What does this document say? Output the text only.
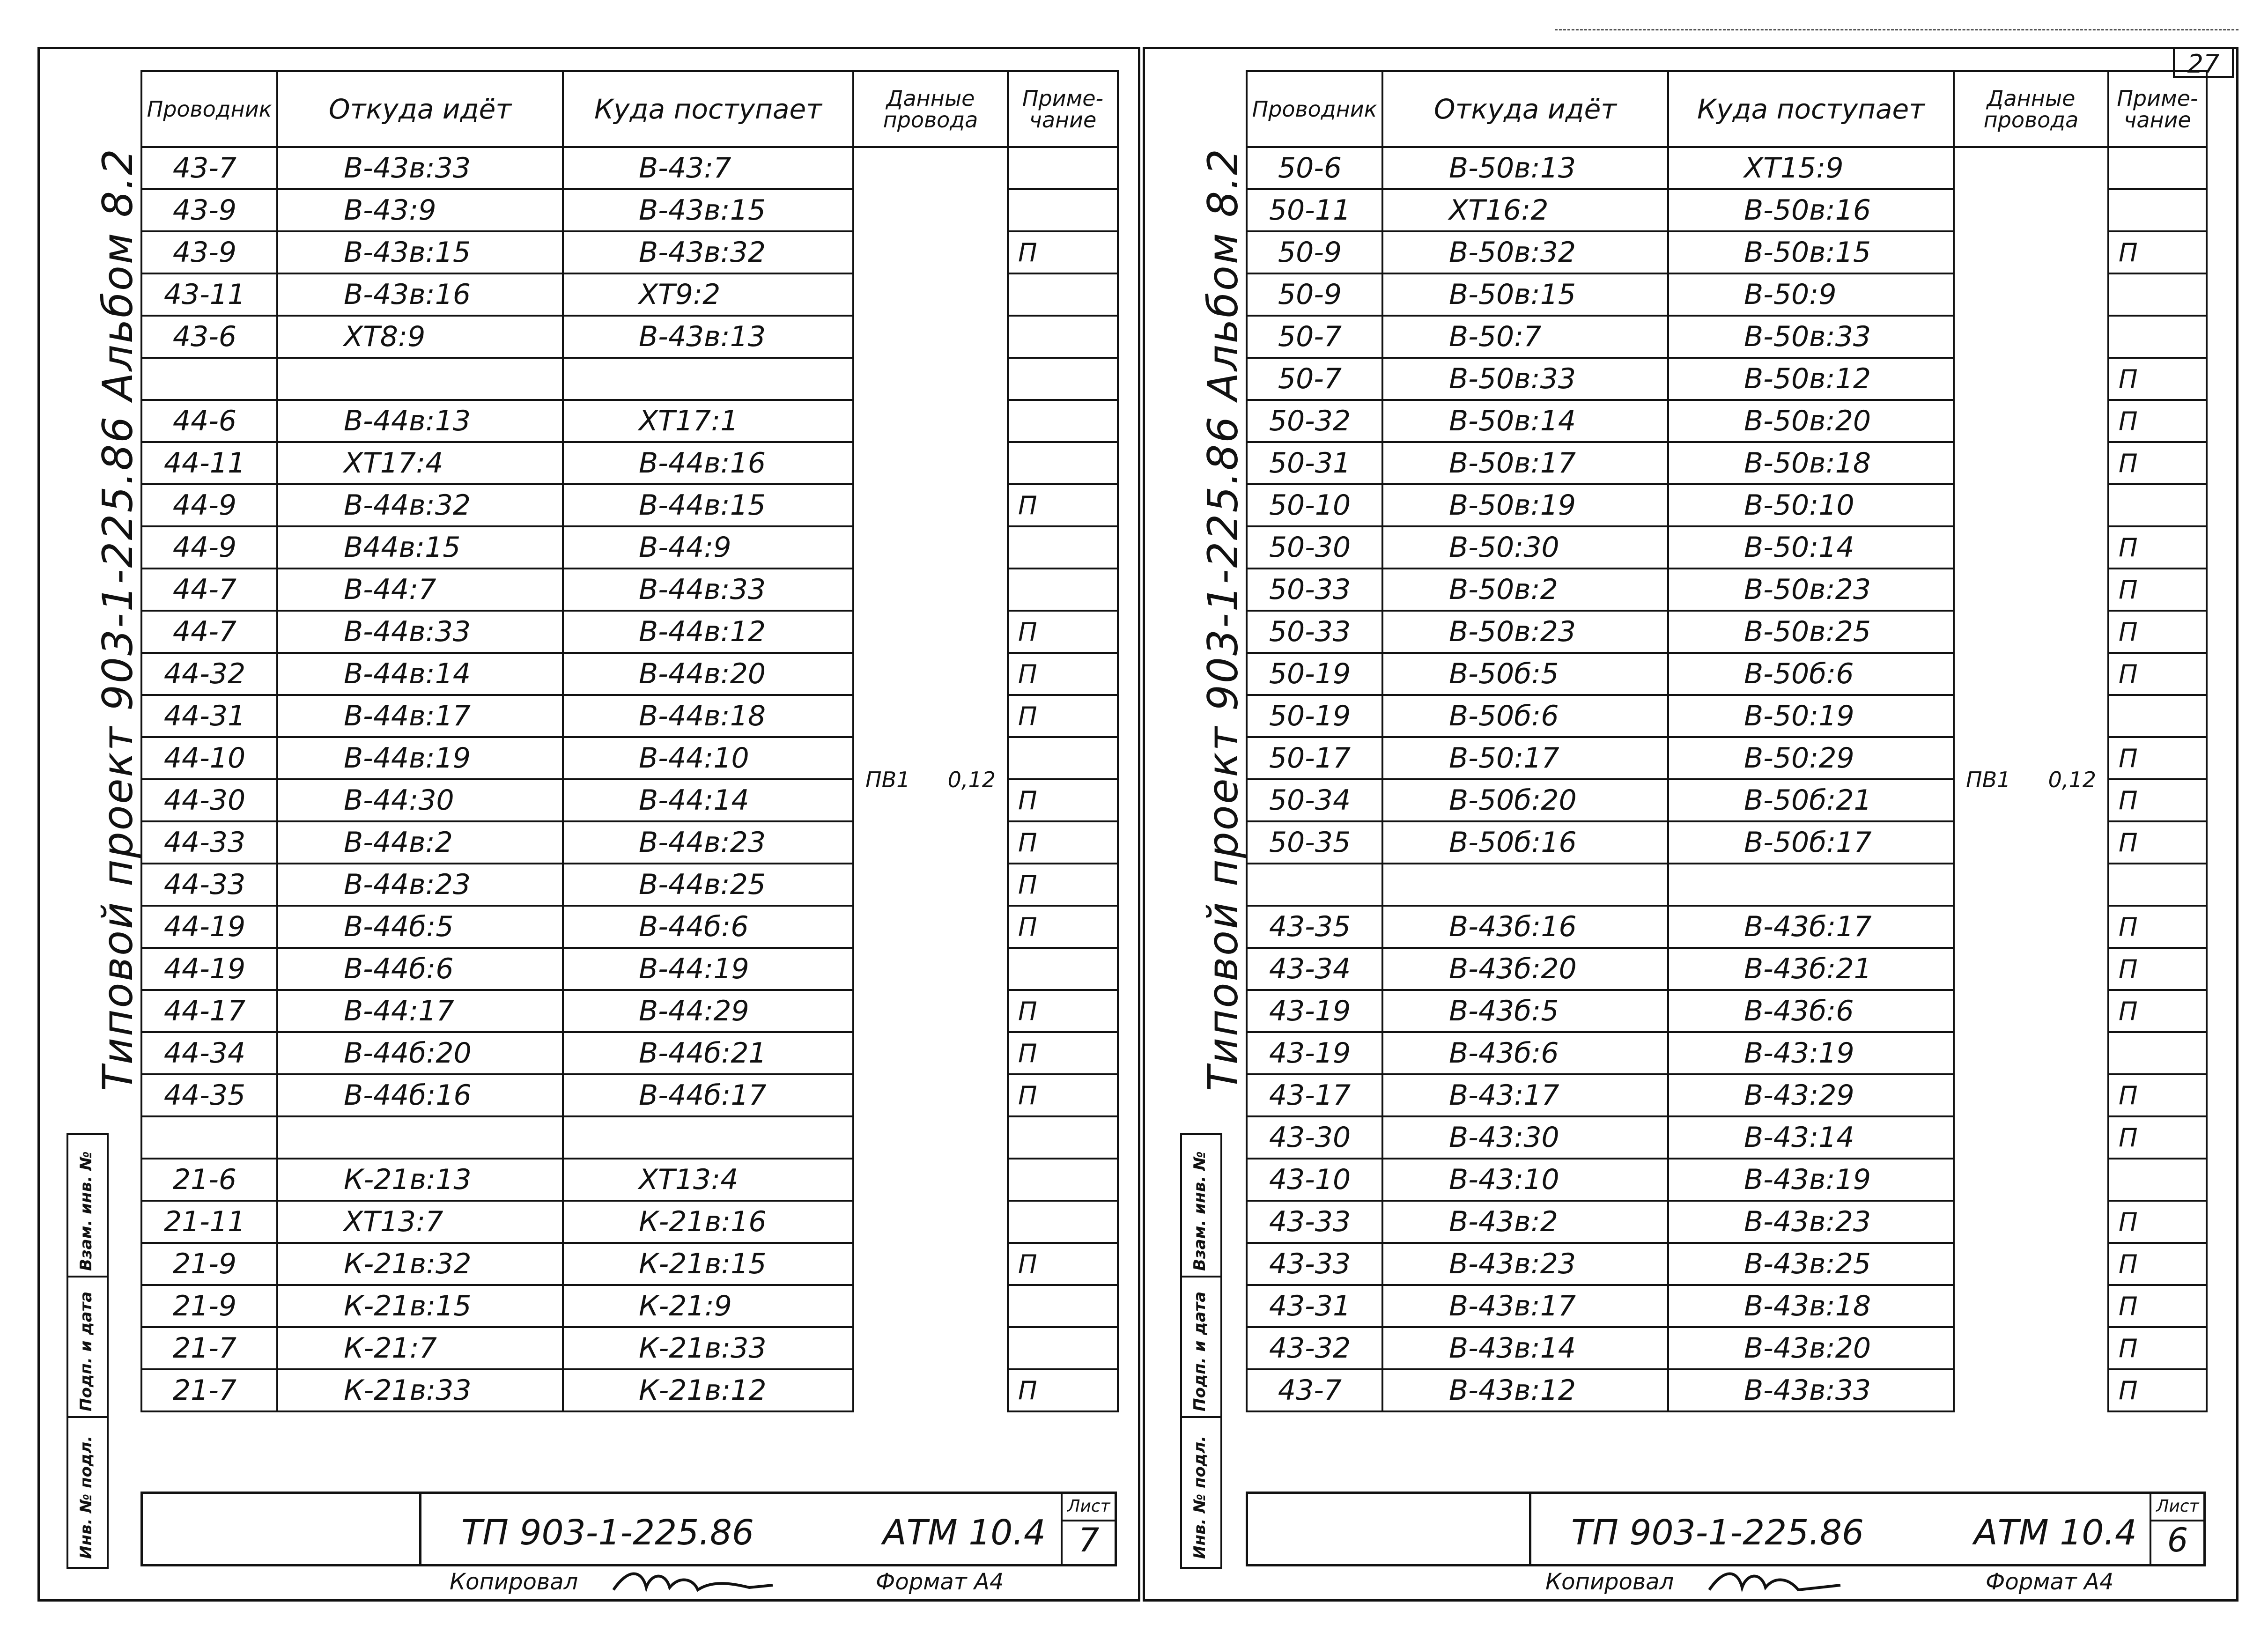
27
Типовой проект 903-1-225.86 Альбом 8.2
Инв. № подл.
Подп. и дата
Взам. инв. №
Проводник	Откуда идёт	Куда поступает	Данные провода	Приме-чание
43-7	В-43в:33	В-43:7	ПВ1 0,12	

43-9	В-43:9	В-43в:15		
43-9	В-43в:15	В-43в:32		П
43-11	В-43в:16	ХТ9:2		
43-6	ХТ8:9	В-43в:13		

44-6	В-44в:13	ХТ17:1		
44-11	ХТ17:4	В-44в:16		
44-9	В-44в:32	В-44в:15		П
44-9	В44в:15	В-44:9		
44-7	В-44:7	В-44в:33		
44-7	В-44в:33	В-44в:12		П
44-32	В-44в:14	В-44в:20		П
44-31	В-44в:17	В-44в:18		П
44-10	В-44в:19	В-44:10		
44-30	В-44:30	В-44:14		П
44-33	В-44в:2	В-44в:23		П
44-33	В-44в:23	В-44в:25		П
44-19	В-44б:5	В-44б:6		П
44-19	В-44б:6	В-44:19		
44-17	В-44:17	В-44:29		П
44-34	В-44б:20	В-44б:21		П
44-35	В-44б:16	В-44б:17		П

21-6	К-21в:13	ХТ13:4		
21-11	ХТ13:7	К-21в:16		
21-9	К-21в:32	К-21в:15		П
21-9	К-21в:15	К-21:9		
21-7	К-21:7	К-21в:33		
21-7	К-21в:33	К-21в:12		П
ТП 903-1-225.86	АТМ 10.4
Лист
7
Копировал	Формат А4
Типовой проект 903-1-225.86 Альбом 8.2
Инв. № подл.
Подп. и дата
Взам. инв. №
Проводник	Откуда идёт	Куда поступает	Данные провода	Приме-чание
50-6	В-50в:13	ХТ15:9	ПВ1 0,12	

50-11	ХТ16:2	В-50в:16		
50-9	В-50в:32	В-50в:15		П
50-9	В-50в:15	В-50:9		
50-7	В-50:7	В-50в:33		
50-7	В-50в:33	В-50в:12		П
50-32	В-50в:14	В-50в:20		П
50-31	В-50в:17	В-50в:18		П
50-10	В-50в:19	В-50:10		
50-30	В-50:30	В-50:14		П
50-33	В-50в:2	В-50в:23		П
50-33	В-50в:23	В-50в:25		П
50-19	В-50б:5	В-50б:6		П
50-19	В-50б:6	В-50:19		
50-17	В-50:17	В-50:29		П
50-34	В-50б:20	В-50б:21		П
50-35	В-50б:16	В-50б:17		П

43-35	В-43б:16	В-43б:17		П
43-34	В-43б:20	В-43б:21		П
43-19	В-43б:5	В-43б:6		П
43-19	В-43б:6	В-43:19		
43-17	В-43:17	В-43:29		П
43-30	В-43:30	В-43:14		П
43-10	В-43:10	В-43в:19		
43-33	В-43в:2	В-43в:23		П
43-33	В-43в:23	В-43в:25		П
43-31	В-43в:17	В-43в:18		П
43-32	В-43в:14	В-43в:20		П
43-7	В-43в:12	В-43в:33		П
ТП 903-1-225.86	АТМ 10.4
Лист
6
Копировал	Формат А4
